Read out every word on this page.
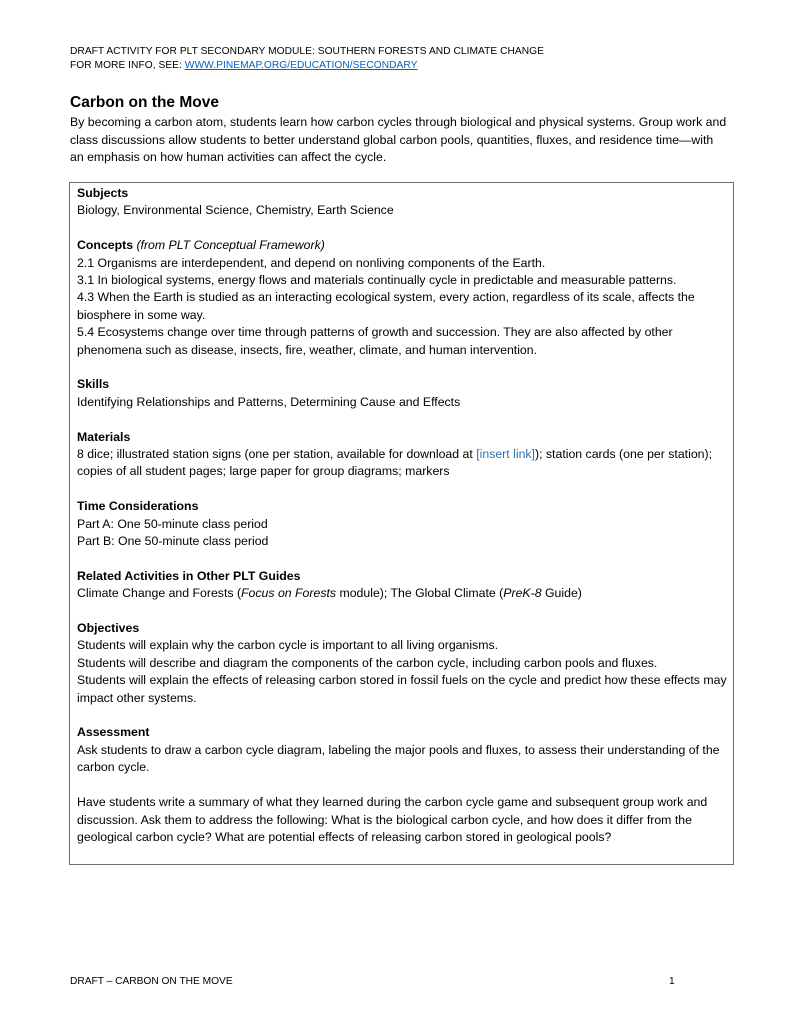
DRAFT ACTIVITY FOR PLT SECONDARY MODULE: SOUTHERN FORESTS AND CLIMATE CHANGE
FOR MORE INFO, SEE: WWW.PINEMAP.ORG/EDUCATION/SECONDARY
Carbon on the Move

By becoming a carbon atom, students learn how carbon cycles through biological and physical systems. Group work and class discussions allow students to better understand global carbon pools, quantities, fluxes, and residence time—with an emphasis on how human activities can affect the cycle.

Subjects
Biology, Environmental Science, Chemistry, Earth Science
Concepts (from PLT Conceptual Framework)
2.1 Organisms are interdependent, and depend on nonliving components of the Earth.
3.1 In biological systems, energy flows and materials continually cycle in predictable and measurable patterns.
4.3 When the Earth is studied as an interacting ecological system, every action, regardless of its scale, affects the biosphere in some way.
5.4 Ecosystems change over time through patterns of growth and succession. They are also affected by other phenomena such as disease, insects, fire, weather, climate, and human intervention.
Skills
Identifying Relationships and Patterns, Determining Cause and Effects
Materials
8 dice; illustrated station signs (one per station, available for download at [insert link]); station cards (one per station); copies of all student pages; large paper for group diagrams; markers
Time Considerations
Part A: One 50-minute class period
Part B: One 50-minute class period
Related Activities in Other PLT Guides
Climate Change and Forests (Focus on Forests module); The Global Climate (PreK-8 Guide)
Objectives
Students will explain why the carbon cycle is important to all living organisms.
Students will describe and diagram the components of the carbon cycle, including carbon pools and fluxes.
Students will explain the effects of releasing carbon stored in fossil fuels on the cycle and predict how these effects may impact other systems.
Assessment
Ask students to draw a carbon cycle diagram, labeling the major pools and fluxes, to assess their understanding of the carbon cycle.
Have students write a summary of what they learned during the carbon cycle game and subsequent group work and discussion. Ask them to address the following: What is the biological carbon cycle, and how does it differ from the geological carbon cycle? What are potential effects of releasing carbon stored in geological pools?
DRAFT – CARBON ON THE MOVE	1
